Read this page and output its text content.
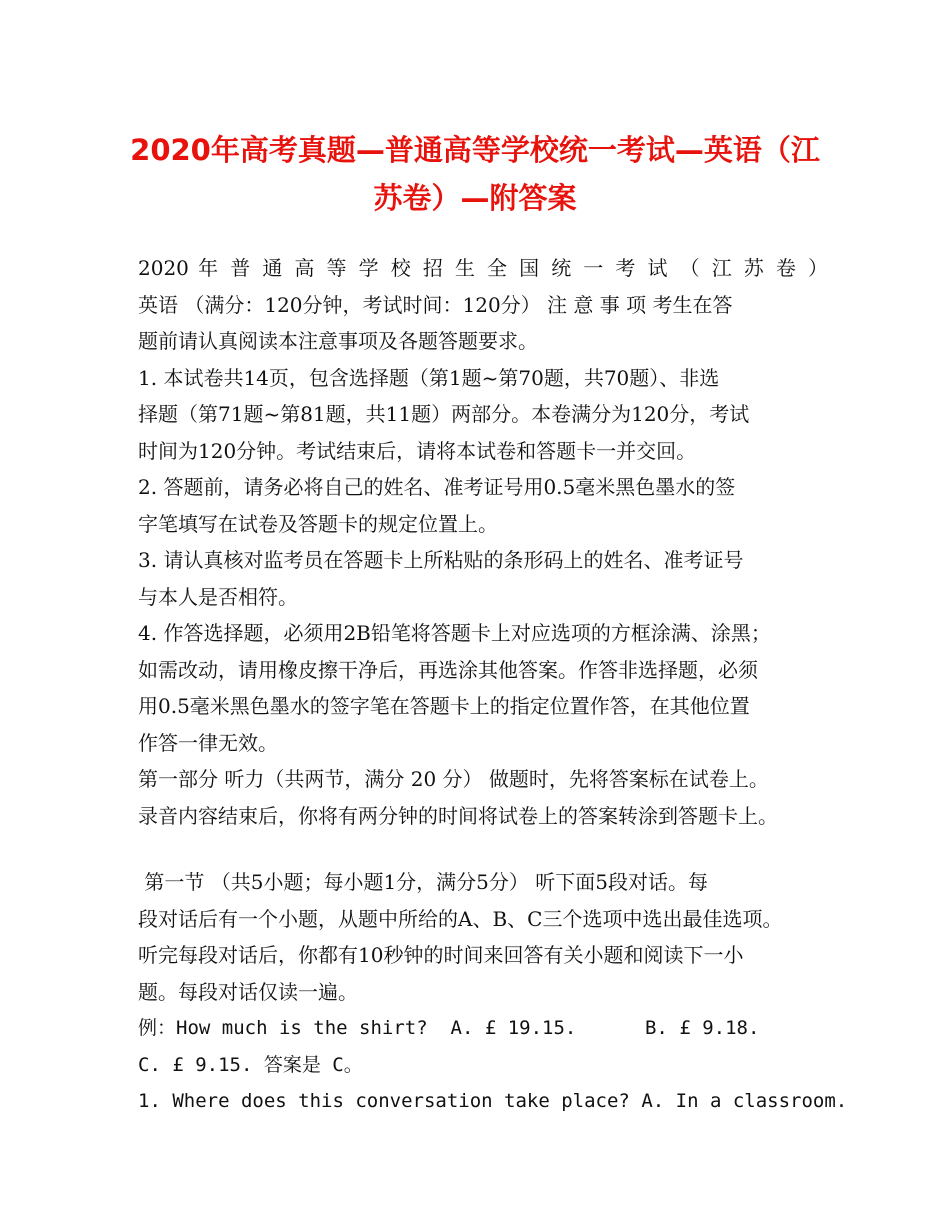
2020年高考真题—普通高等学校统一考试—英语（江
苏卷）—附答案
2020 年 普 通 高 等 学 校 招 生 全 国 统 一 考 试 （ 江 苏 卷 ）
英语 （满分：120分钟，考试时间：120分） 注 意 事 项 考生在答
题前请认真阅读本注意事项及各题答题要求。
1. 本试卷共14页，包含选择题（第1题~第70题，共70题）、非选
择题（第71题~第81题，共11题）两部分。本卷满分为120分，考试
时间为120分钟。考试结束后，请将本试卷和答题卡一并交回。
2. 答题前，请务必将自己的姓名、准考证号用0.5毫米黑色墨水的签
字笔填写在试卷及答题卡的规定位置上。
3. 请认真核对监考员在答题卡上所粘贴的条形码上的姓名、准考证号
与本人是否相符。
4. 作答选择题，必须用2B铅笔将答题卡上对应选项的方框涂满、涂黑；
如需改动，请用橡皮擦干净后，再选涂其他答案。作答非选择题，必须
用0.5毫米黑色墨水的签字笔在答题卡上的指定位置作答，在其他位置
作答一律无效。
第一部分 听力（共两节，满分 20 分） 做题时，先将答案标在试卷上。
录音内容结束后，你将有两分钟的时间将试卷上的答案转涂到答题卡上。
第一节 （共5小题；每小题1分，满分5分） 听下面5段对话。每
段对话后有一个小题，从题中所给的A、B、C三个选项中选出最佳选项。
听完每段对话后，你都有10秒钟的时间来回答有关小题和阅读下一小
题。每段对话仅读一遍。
例：How much is the shirt?  A. £ 19.15.      B. £ 9.18.
C. £ 9.15. 答案是 C。
1. Where does this conversation take place? A. In a classroom.
